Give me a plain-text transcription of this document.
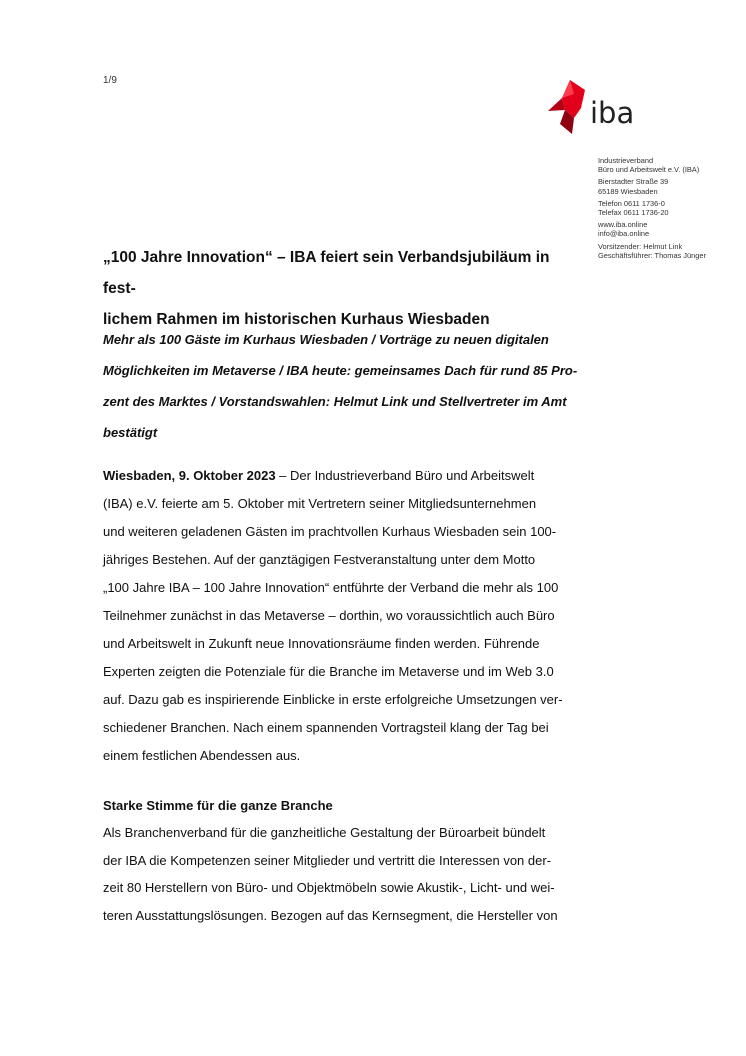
1/9
iba
Industrieverband
Büro und Arbeitswelt e.V. (IBA)
Bierstadter Straße 39
65189 Wiesbaden
Telefon 0611 1736-0
Telefax 0611 1736-20
www.iba.online
info@iba.online
Vorsitzender: Helmut Link
Geschäftsführer: Thomas Jünger
„100 Jahre Innovation“ – IBA feiert sein Verbandsjubiläum in fest-
lichem Rahmen im historischen Kurhaus Wiesbaden

Mehr als 100 Gäste im Kurhaus Wiesbaden / Vorträge zu neuen digitalen
Möglichkeiten im Metaverse / IBA heute: gemeinsames Dach für rund 85 Pro-
zent des Marktes / Vorstandswahlen: Helmut Link und Stellvertreter im Amt
bestätigt

Wiesbaden, 9. Oktober 2023 – Der Industrieverband Büro und Arbeitswelt
(IBA) e.V. feierte am 5. Oktober mit Vertretern seiner Mitgliedsunternehmen
und weiteren geladenen Gästen im prachtvollen Kurhaus Wiesbaden sein 100-
jähriges Bestehen. Auf der ganztägigen Festveranstaltung unter dem Motto
„100 Jahre IBA – 100 Jahre Innovation“ entführte der Verband die mehr als 100
Teilnehmer zunächst in das Metaverse – dorthin, wo voraussichtlich auch Büro
und Arbeitswelt in Zukunft neue Innovationsräume finden werden. Führende
Experten zeigten die Potenziale für die Branche im Metaverse und im Web 3.0
auf. Dazu gab es inspirierende Einblicke in erste erfolgreiche Umsetzungen ver-
schiedener Branchen. Nach einem spannenden Vortragsteil klang der Tag bei
einem festlichen Abendessen aus.

Starke Stimme für die ganze Branche

Als Branchenverband für die ganzheitliche Gestaltung der Büroarbeit bündelt
der IBA die Kompetenzen seiner Mitglieder und vertritt die Interessen von der-
zeit 80 Herstellern von Büro- und Objektmöbeln sowie Akustik-, Licht- und wei-
teren Ausstattungslösungen. Bezogen auf das Kernsegment, die Hersteller von
